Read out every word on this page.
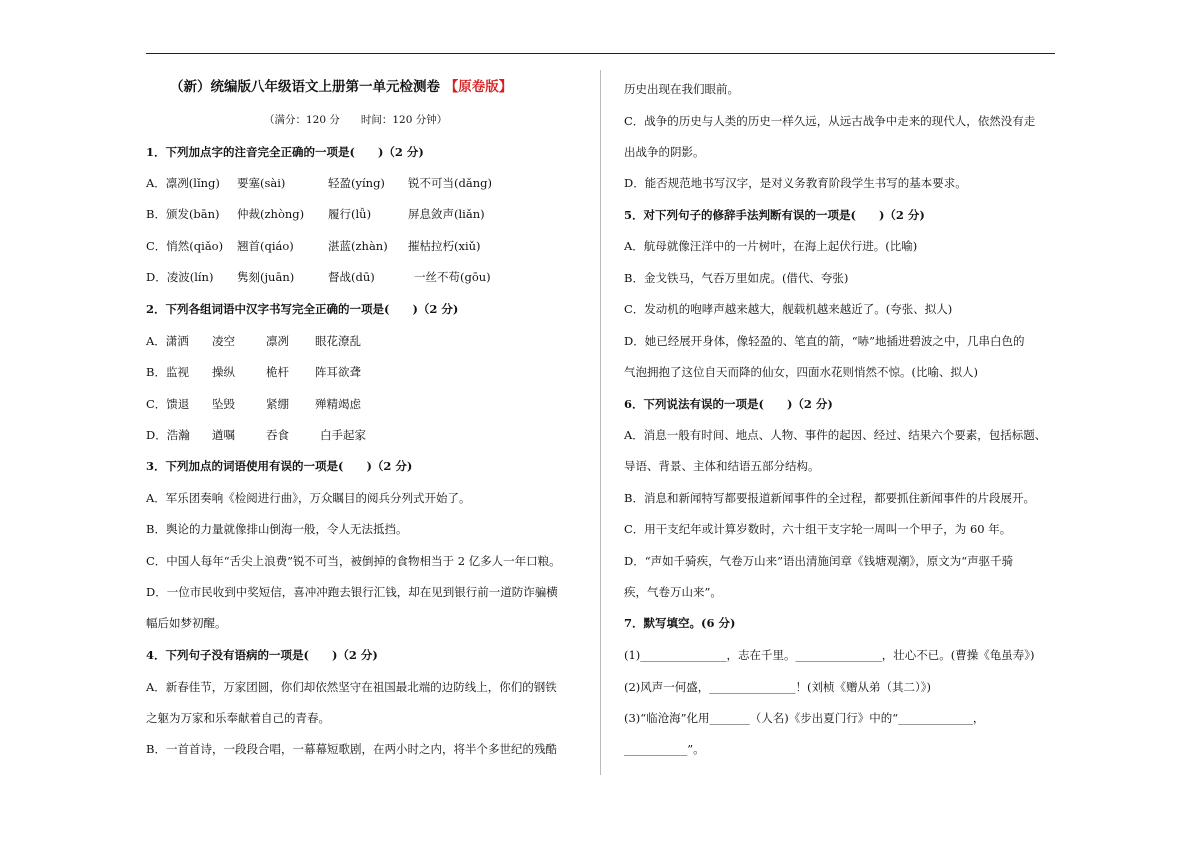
（新）统编版八年级语文上册第一单元检测卷 【原卷版】
（满分：120 分　　时间：120 分钟）
1．下列加点字的注音完全正确的一项是(　　)（2 分)
A．凛冽(lǐng) 要塞(sài)	轻盈(yíng) 锐不可当(dǎng)
B．颁发(bān) 仲裁(zhòng) 履行(lǚ)	屏息敛声(liǎn)
C．悄然(qiǎo) 翘首(qiáo)	湛蓝(zhàn) 摧枯拉朽(xiǔ)
D．凌波(lín) 隽刻(juān)	督战(dū)	一丝不苟(gōu)
2．下列各组词语中汉字书写完全正确的一项是(　　)（2 分)
A．潇洒 凌空	凛冽 眼花潦乱
B．监视 操纵	桅杆 阵耳欲聋
C．馈退 坠毁	紧绷 殚精竭虑
D．浩瀚 遒嘱	吞食	白手起家
3．下列加点的词语使用有误的一项是(　　)（2 分)
A．军乐团奏响《检阅进行曲》，万众瞩目的阅兵分列式开始了。
B．舆论的力量就像排山倒海一般，令人无法抵挡。
C．中国人每年“舌尖上浪费”锐不可当，被倒掉的食物相当于 2 亿多人一年口粮。
D．一位市民收到中奖短信，喜冲冲跑去银行汇钱，却在见到银行前一道防诈骗横
幅后如梦初醒。
4．下列句子没有语病的一项是(　　)（2 分)
A．新春佳节，万家团圆，你们却依然坚守在祖国最北端的边防线上，你们的钢铁
之躯为万家和乐奉献着自己的青春。
B．一首首诗，一段段合唱，一幕幕短歌剧，在两小时之内，将半个多世纪的残酷
历史出现在我们眼前。
C．战争的历史与人类的历史一样久远，从远古战争中走来的现代人，依然没有走
出战争的阴影。
D．能否规范地书写汉字，是对义务教育阶段学生书写的基本要求。
5．对下列句子的修辞手法判断有误的一项是(　　)（2 分)
A．航母就像汪洋中的一片树叶，在海上起伏行进。(比喻)
B．金戈铁马，气吞万里如虎。(借代、夸张)
C．发动机的咆哮声越来越大，舰载机越来越近了。(夸张、拟人)
D．她已经展开身体，像轻盈的、笔直的箭，“哧”地插进碧波之中，几串白色的
气泡拥抱了这位自天而降的仙女，四面水花则悄然不惊。(比喻、拟人)
6．下列说法有误的一项是(　　)（2 分)
A．消息一般有时间、地点、人物、事件的起因、经过、结果六个要素，包括标题、
导语、背景、主体和结语五部分结构。
B．消息和新闻特写都要报道新闻事件的全过程，都要抓住新闻事件的片段展开。
C．用干支纪年或计算岁数时，六十组干支字轮一周叫一个甲子，为 60 年。
D．“声如千骑疾，气卷万山来”语出清施闰章《钱塘观潮》，原文为“声驱千骑
疾，气卷万山来”。
7．默写填空。(6 分)
(1)_______________，志在千里。_______________，壮心不已。(曹操《龟虽寿》)
(2)风声一何盛，_______________！(刘桢《赠从弟（其二）》)
(3)“临沧海”化用_______（人名)《步出夏门行》中的“_____________，
___________”。
